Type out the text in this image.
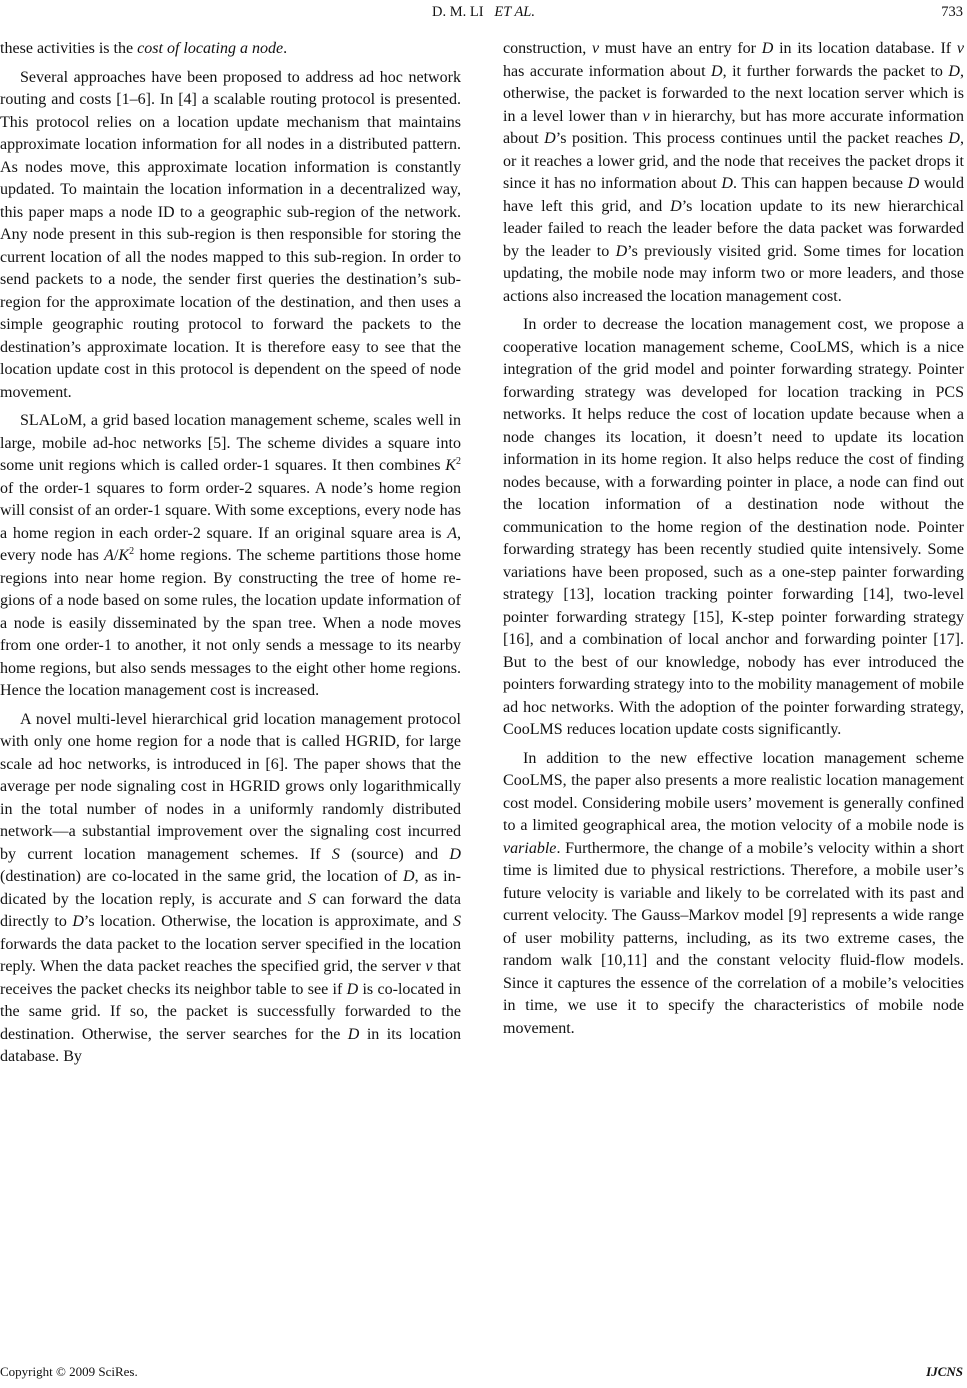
D. M. LI ET AL.	733

these activities is the cost of locating a node.

Several approaches have been proposed to address ad hoc network routing and costs [1–6]. In [4] a scalable routing protocol is presented. This protocol relies on a location update mechanism that maintains approximate location information for all nodes in a distributed pattern. As nodes move, this approximate location information is constantly updated. To maintain the location information in a decentralized way, this paper maps a node ID to a geographic sub-region of the network. Any node present in this sub-region is then responsible for storing the current location of all the nodes mapped to this sub-region. In order to send packets to a node, the sender first queries the destination’s sub-region for the approximate location of the destination, and then uses a simple geographic routing protocol to forward the packets to the destination’s approximate location. It is therefore easy to see that the location update cost in this protocol is dependent on the speed of node movement.

SLALoM, a grid based location management scheme, scales well in large, mobile ad-hoc networks [5]. The scheme divides a square into some unit regions which is called order-1 squares. It then combines $K^2$ of the order-1 squares to form order-2 squares. A node’s home region will consist of an order-1 square. With some exceptions, every node has a home region in each order-2 square. If an original square area is A, every node has $A/K^2$ home regions. The scheme partitions those home regions into near home region. By constructing the tree of home regions of a node based on some rules, the location update information of a node is easily disseminated by the span tree. When a node moves from one order-1 to another, it not only sends a message to its nearby home regions, but also sends messages to the eight other home regions. Hence the location management cost is increased.

A novel multi-level hierarchical grid location management protocol with only one home region for a node that is called HGRID, for large scale ad hoc networks, is introduced in [6]. The paper shows that the average per node signaling cost in HGRID grows only logarithmically in the total number of nodes in a uniformly randomly distributed network—a substantial improvement over the signaling cost incurred by current location management schemes. If S (source) and D (destination) are co-located in the same grid, the location of D, as indicated by the location reply, is accurate and S can forward the data directly to D’s location. Otherwise, the location is approximate, and S forwards the data packet to the location server specified in the location reply. When the data packet reaches the specified grid, the server v that receives the packet checks its neighbor table to see if D is co-located in the same grid. If so, the packet is successfully forwarded to the destination. Otherwise, the server searches for the D in its location database. By

construction, v must have an entry for D in its location database. If v has accurate information about D, it further forwards the packet to D, otherwise, the packet is forwarded to the next location server which is in a level lower than v in hierarchy, but has more accurate information about D’s position. This process continues until the packet reaches D, or it reaches a lower grid, and the node that receives the packet drops it since it has no information about D. This can happen because D would have left this grid, and D’s location update to its new hierarchical leader failed to reach the leader before the data packet was forwarded by the leader to D’s previously visited grid. Some times for location updating, the mobile node may inform two or more leaders, and those actions also increased the location management cost.

In order to decrease the location management cost, we propose a cooperative location management scheme, CooLMS, which is a nice integration of the grid model and pointer forwarding strategy. Pointer forwarding strategy was developed for location tracking in PCS networks. It helps reduce the cost of location update because when a node changes its location, it doesn’t need to update its location information in its home region. It also helps reduce the cost of finding nodes because, with a forwarding pointer in place, a node can find out the location information of a destination node without the communication to the home region of the destination node. Pointer forwarding strategy has been recently studied quite intensively. Some variations have been proposed, such as a one-step painter forwarding strategy [13], location tracking pointer forwarding [14], two-level pointer forwarding strategy [15], K-step pointer forwarding strategy [16], and a combination of local anchor and forwarding pointer [17]. But to the best of our knowledge, nobody has ever introduced the pointers forwarding strategy into to the mobility management of mobile ad hoc networks. With the adoption of the pointer forwarding strategy, CooLMS reduces location update costs significantly.

In addition to the new effective location management scheme CooLMS, the paper also presents a more realistic location management cost model. Considering mobile users’ movement is generally confined to a limited geographical area, the motion velocity of a mobile node is variable. Furthermore, the change of a mobile’s velocity within a short time is limited due to physical restrictions. Therefore, a mobile user’s future velocity is variable and likely to be correlated with its past and current velocity. The Gauss–Markov model [9] represents a wide range of user mobility patterns, including, as its two extreme cases, the random walk [10,11] and the constant velocity fluid-flow models. Since it captures the essence of the correlation of a mobile’s velocities in time, we use it to specify the characteristics of mobile node movement.

Copyright © 2009 SciRes.	IJCNS
